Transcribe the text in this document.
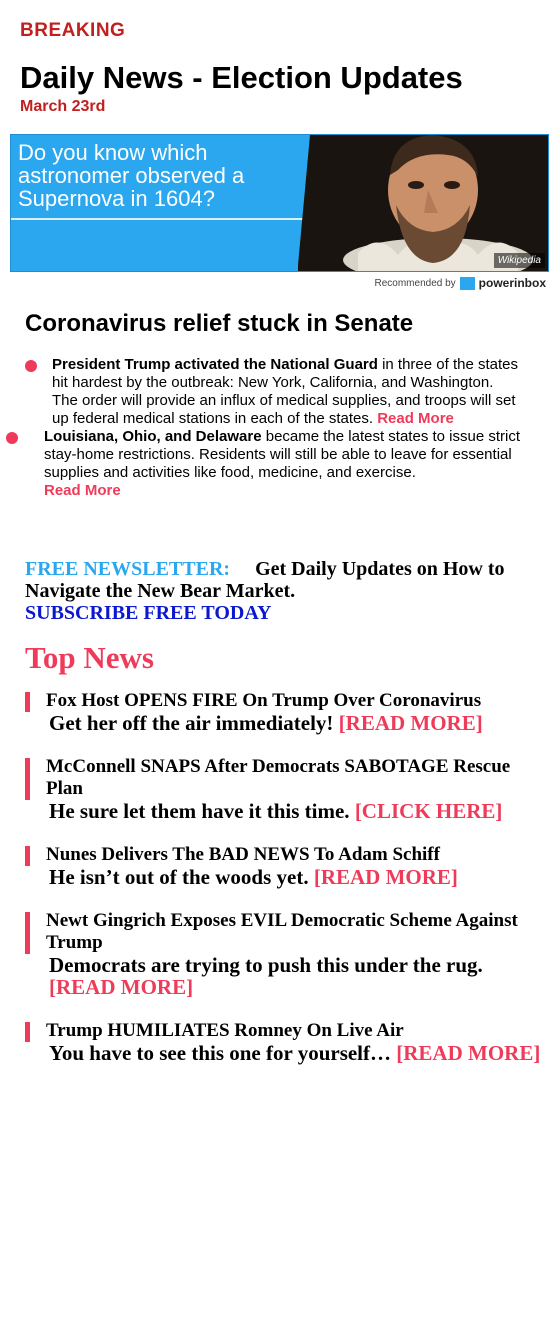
BREAKING
Daily News - Election Updates
March 23rd
Do you know which astronomer observed a Supernova in 1604?
Wikipedia
Recommended by powerinbox
Coronavirus relief stuck in Senate
President Trump activated the National Guard in three of the states hit hardest by the outbreak: New York, California, and Washington. The order will provide an influx of medical supplies, and troops will set up federal medical stations in each of the states. Read More
Louisiana, Ohio, and Delaware became the latest states to issue strict stay-home restrictions. Residents will still be able to leave for essential supplies and activities like food, medicine, and exercise.
Read More
FREE NEWSLETTER: Get Daily Updates on How to Navigate the New Bear Market.
SUBSCRIBE FREE TODAY
Top News
Fox Host OPENS FIRE On Trump Over Coronavirus
Get her off the air immediately! [READ MORE]
McConnell SNAPS After Democrats SABOTAGE Rescue Plan
He sure let them have it this time. [CLICK HERE]
Nunes Delivers The BAD NEWS To Adam Schiff
He isn’t out of the woods yet. [READ MORE]
Newt Gingrich Exposes EVIL Democratic Scheme Against Trump
Democrats are trying to push this under the rug. [READ MORE]
Trump HUMILIATES Romney On Live Air
You have to see this one for yourself… [READ MORE]
